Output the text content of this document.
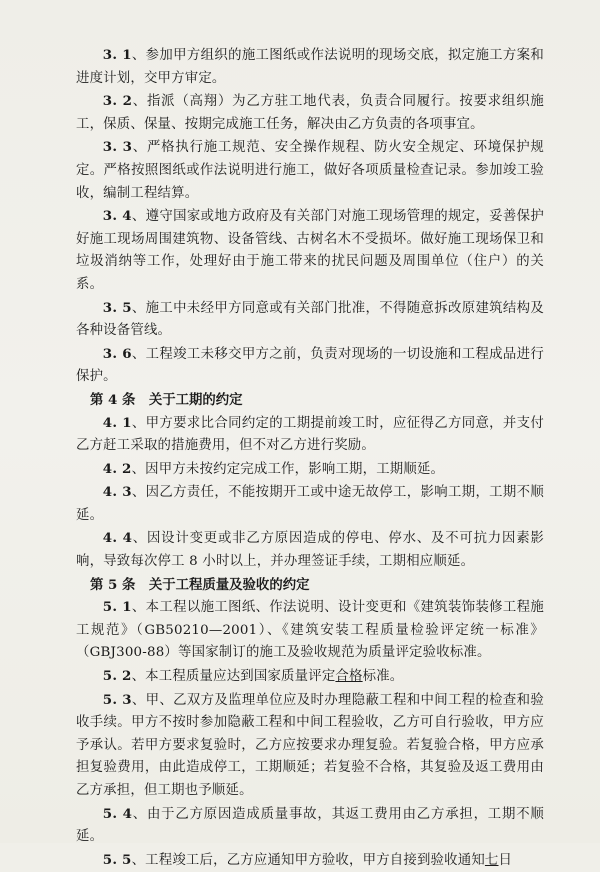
3. 1、参加甲方组织的施工图纸或作法说明的现场交底，拟定施工方案和进度计划，交甲方审定。

3. 2、指派（高翔）为乙方驻工地代表，负责合同履行。按要求组织施工，保质、保量、按期完成施工任务，解决由乙方负责的各项事宜。

3. 3、严格执行施工规范、安全操作规程、防火安全规定、环境保护规定。严格按照图纸或作法说明进行施工，做好各项质量检查记录。参加竣工验收，编制工程结算。

3. 4、遵守国家或地方政府及有关部门对施工现场管理的规定，妥善保护好施工现场周围建筑物、设备管线、古树名木不受损坏。做好施工现场保卫和垃圾消纳等工作，处理好由于施工带来的扰民问题及周围单位（住户）的关系。

3. 5、施工中未经甲方同意或有关部门批准，不得随意拆改原建筑结构及各种设备管线。

3. 6、工程竣工未移交甲方之前，负责对现场的一切设施和工程成品进行保护。

第 4 条　关于工期的约定

4. 1、甲方要求比合同约定的工期提前竣工时，应征得乙方同意，并支付乙方赶工采取的措施费用，但不对乙方进行奖励。

4. 2、因甲方未按约定完成工作，影响工期，工期顺延。

4. 3、因乙方责任，不能按期开工或中途无故停工，影响工期，工期不顺延。

4. 4、因设计变更或非乙方原因造成的停电、停水、及不可抗力因素影响，导致每次停工 8 小时以上，并办理签证手续，工期相应顺延。

第 5 条　关于工程质量及验收的约定

5. 1、本工程以施工图纸、作法说明、设计变更和《建筑装饰装修工程施工规范》（GB50210—2001）、《建筑安装工程质量检验评定统一标准》（GBJ300-88）等国家制订的施工及验收规范为质量评定验收标准。

5. 2、本工程质量应达到国家质量评定合格标准。

5. 3、甲、乙双方及监理单位应及时办理隐蔽工程和中间工程的检查和验收手续。甲方不按时参加隐蔽工程和中间工程验收，乙方可自行验收，甲方应予承认。若甲方要求复验时，乙方应按要求办理复验。若复验合格，甲方应承担复验费用，由此造成停工，工期顺延；若复验不合格，其复验及返工费用由乙方承担，但工期也予顺延。

5. 4、由于乙方原因造成质量事故，其返工费用由乙方承担，工期不顺延。

5. 5、工程竣工后，乙方应通知甲方验收，甲方自接到验收通知七日
